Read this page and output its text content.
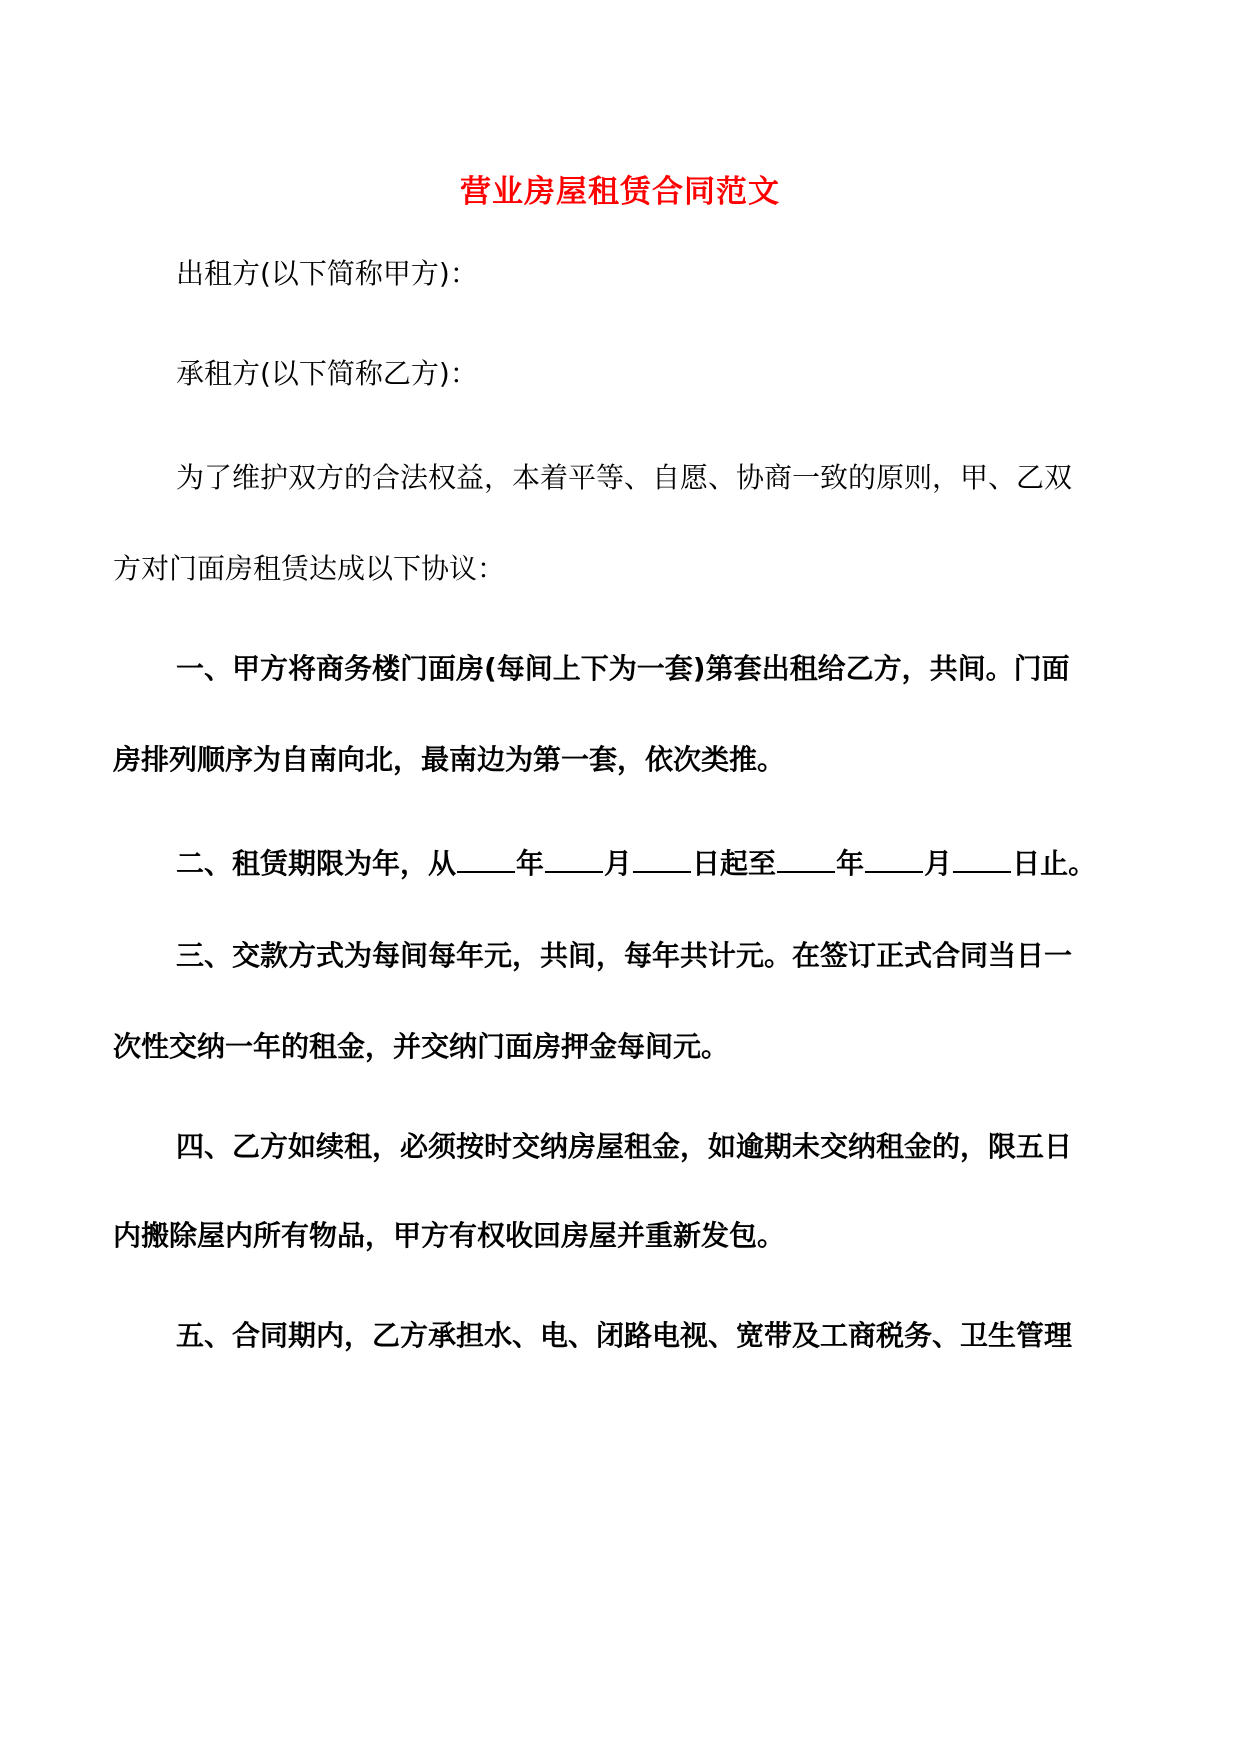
营业房屋租赁合同范文
出租方(以下简称甲方)：
承租方(以下简称乙方)：
为了维护双方的合法权益，本着平等、自愿、协商一致的原则，甲、乙双
方对门面房租赁达成以下协议：
一、甲方将商务楼门面房(每间上下为一套)第套出租给乙方，共间。门面
房排列顺序为自南向北，最南边为第一套，依次类推。
二、租赁期限为年，从 年 月 日起至 年 月 日止。
三、交款方式为每间每年元，共间，每年共计元。在签订正式合同当日一
次性交纳一年的租金，并交纳门面房押金每间元。
四、乙方如续租，必须按时交纳房屋租金，如逾期未交纳租金的，限五日
内搬除屋内所有物品，甲方有权收回房屋并重新发包。
五、合同期内，乙方承担水、电、闭路电视、宽带及工商税务、卫生管理
